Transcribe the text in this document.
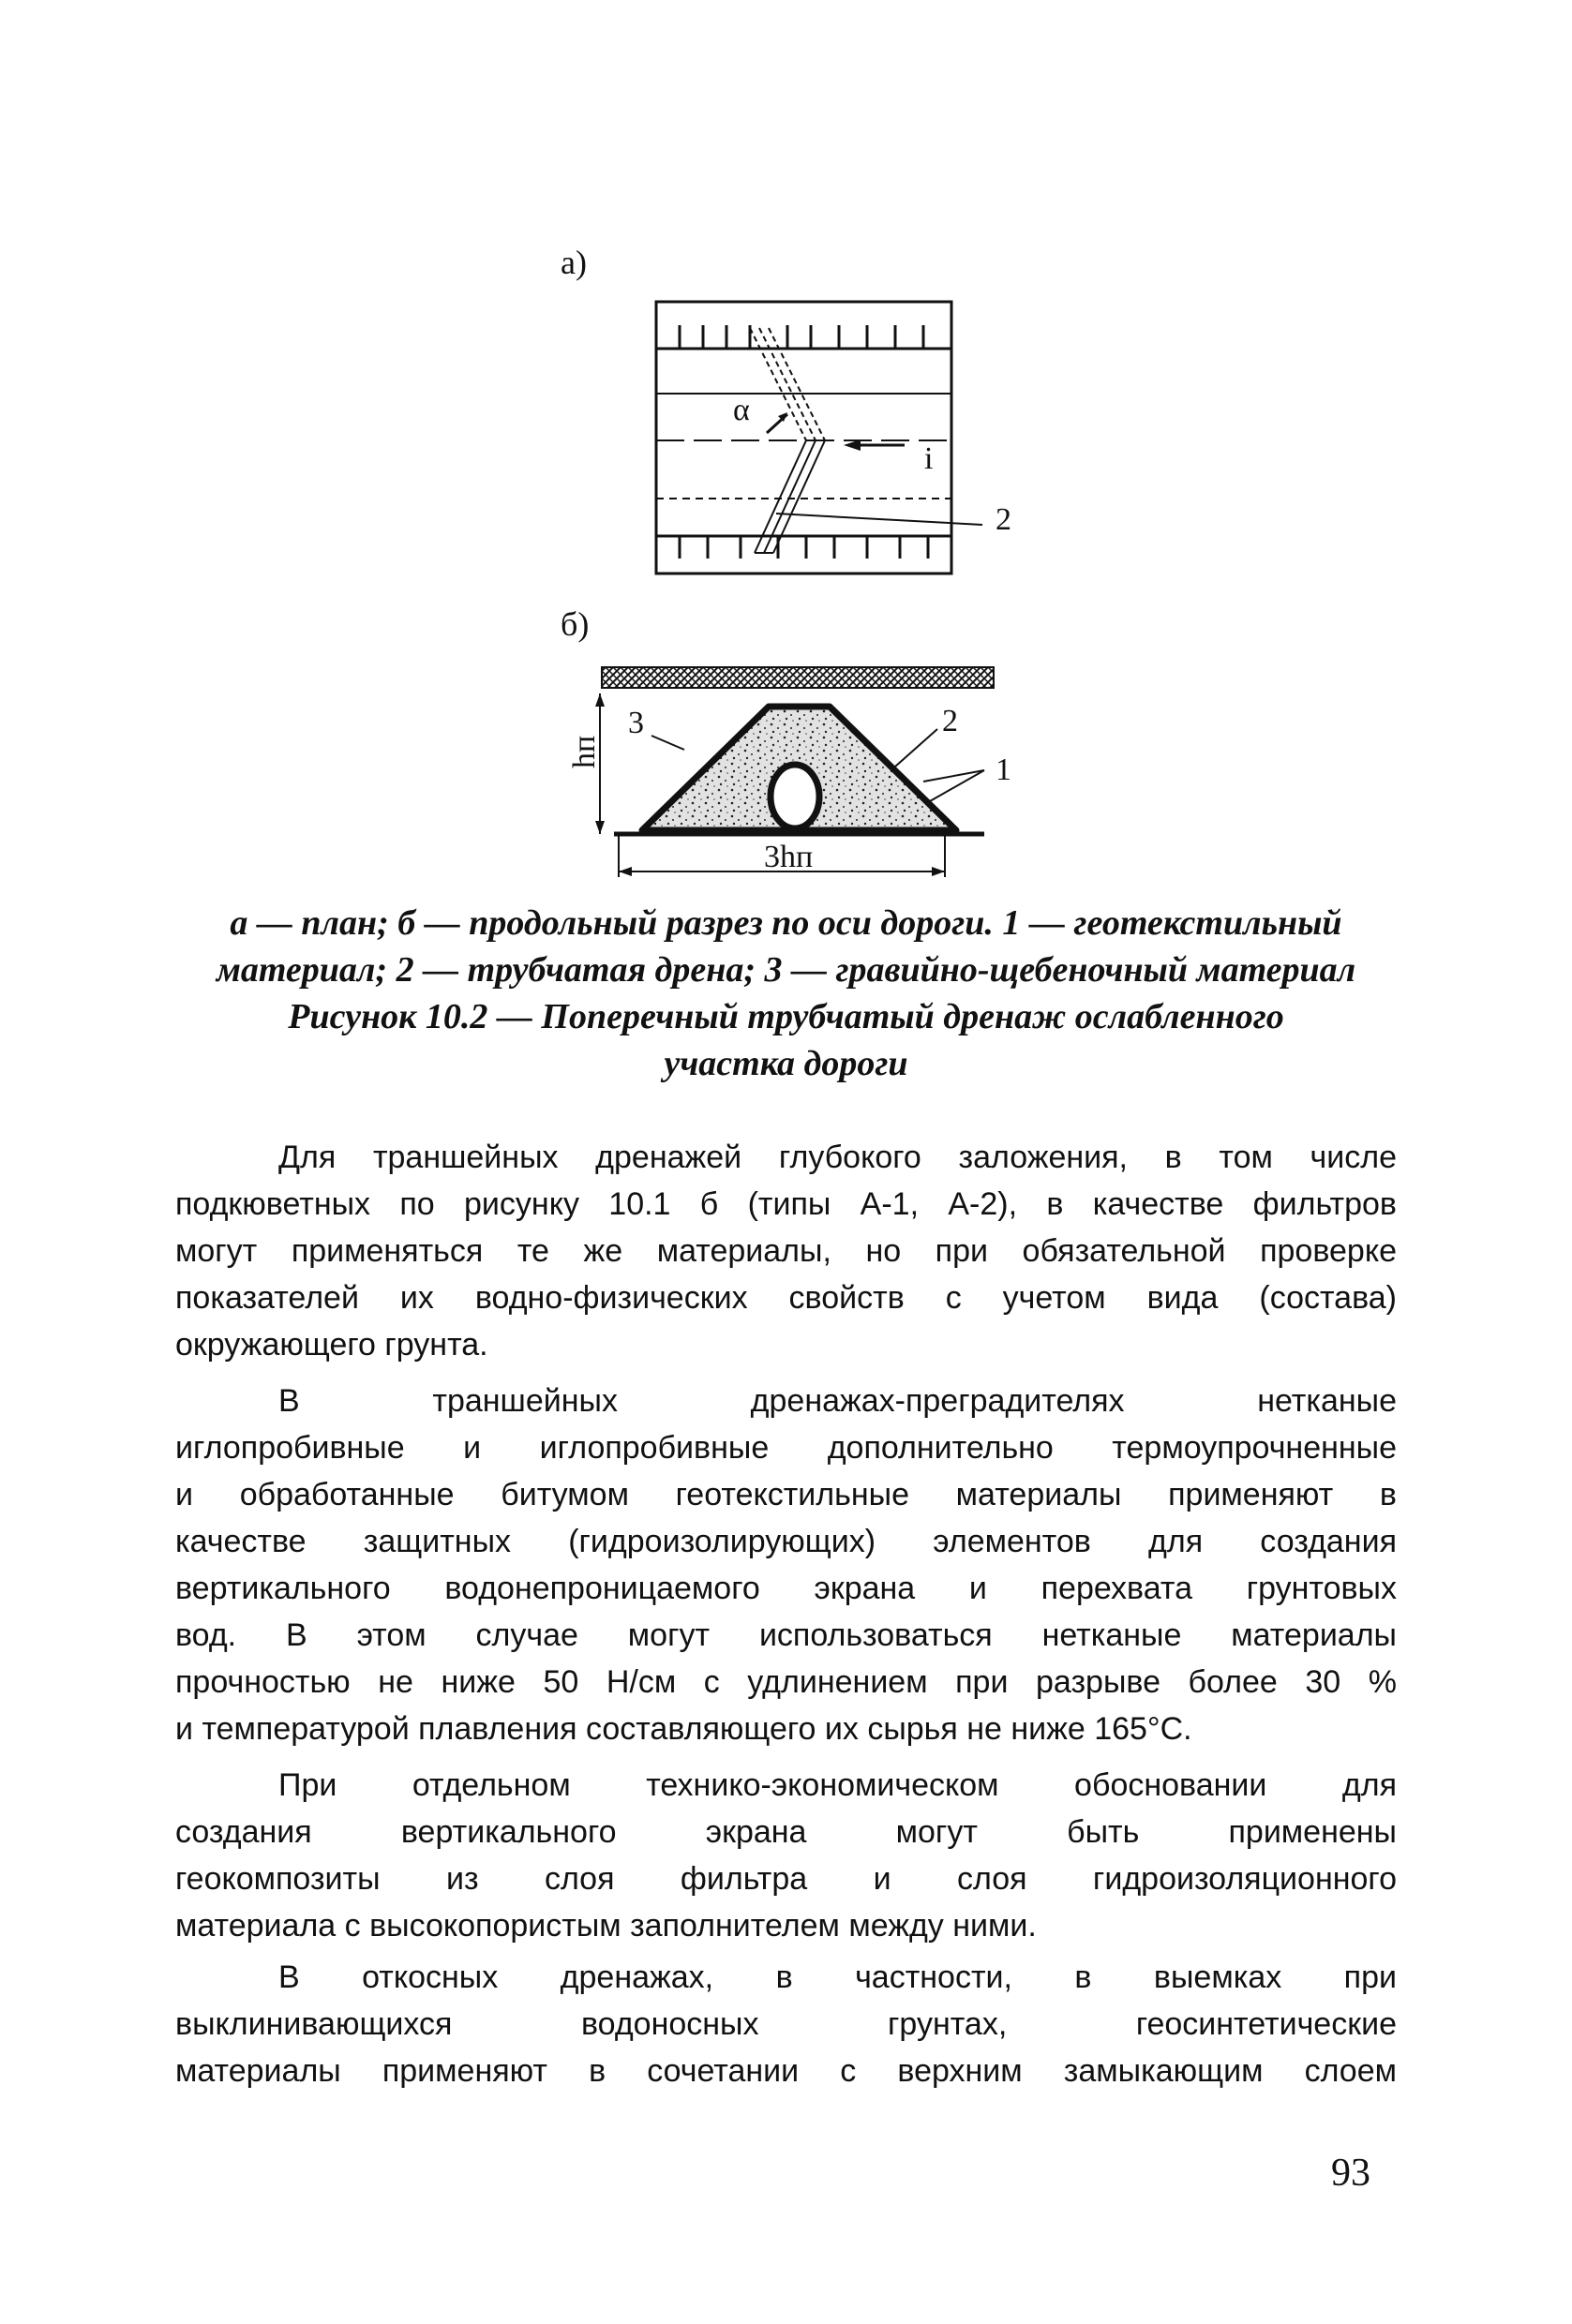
а)
α
i
2
б)
hп
3hп
3	2
1
а — план; б — продольный разрез по оси дороги. 1 — геотекстильный
материал; 2 — трубчатая дрена; 3 — гравийно-щебеночный материал
Рисунок 10.2 — Поперечный трубчатый дренаж ослабленного
участка дороги
Для траншейных дренажей глубокого заложения, в том числе
подкюветных по рисунку 10.1 б (типы А-1, А-2), в качестве фильтров
могут применяться те же материалы, но при обязательной проверке
показателей их водно-физических свойств с учетом вида (состава)
окружающего грунта.
В траншейных дренажах-преградителях нетканые
иглопробивные и иглопробивные дополнительно термоупрочненные
и обработанные битумом геотекстильные материалы применяют в
качестве защитных (гидроизолирующих) элементов для создания
вертикального водонепроницаемого экрана и перехвата грунтовых
вод. В этом случае могут использоваться нетканые материалы
прочностью не ниже 50 Н/см с удлинением при разрыве более 30 %
и температурой плавления составляющего их сырья не ниже 165°С.
При отдельном технико-экономическом обосновании для
создания вертикального экрана могут быть применены
геокомпозиты из слоя фильтра и слоя гидроизоляционного
материала с высокопористым заполнителем между ними.
В откосных дренажах, в частности, в выемках при
выклинивающихся водоносных грунтах, геосинтетические
материалы применяют в сочетании с верхним замыкающим слоем
93
